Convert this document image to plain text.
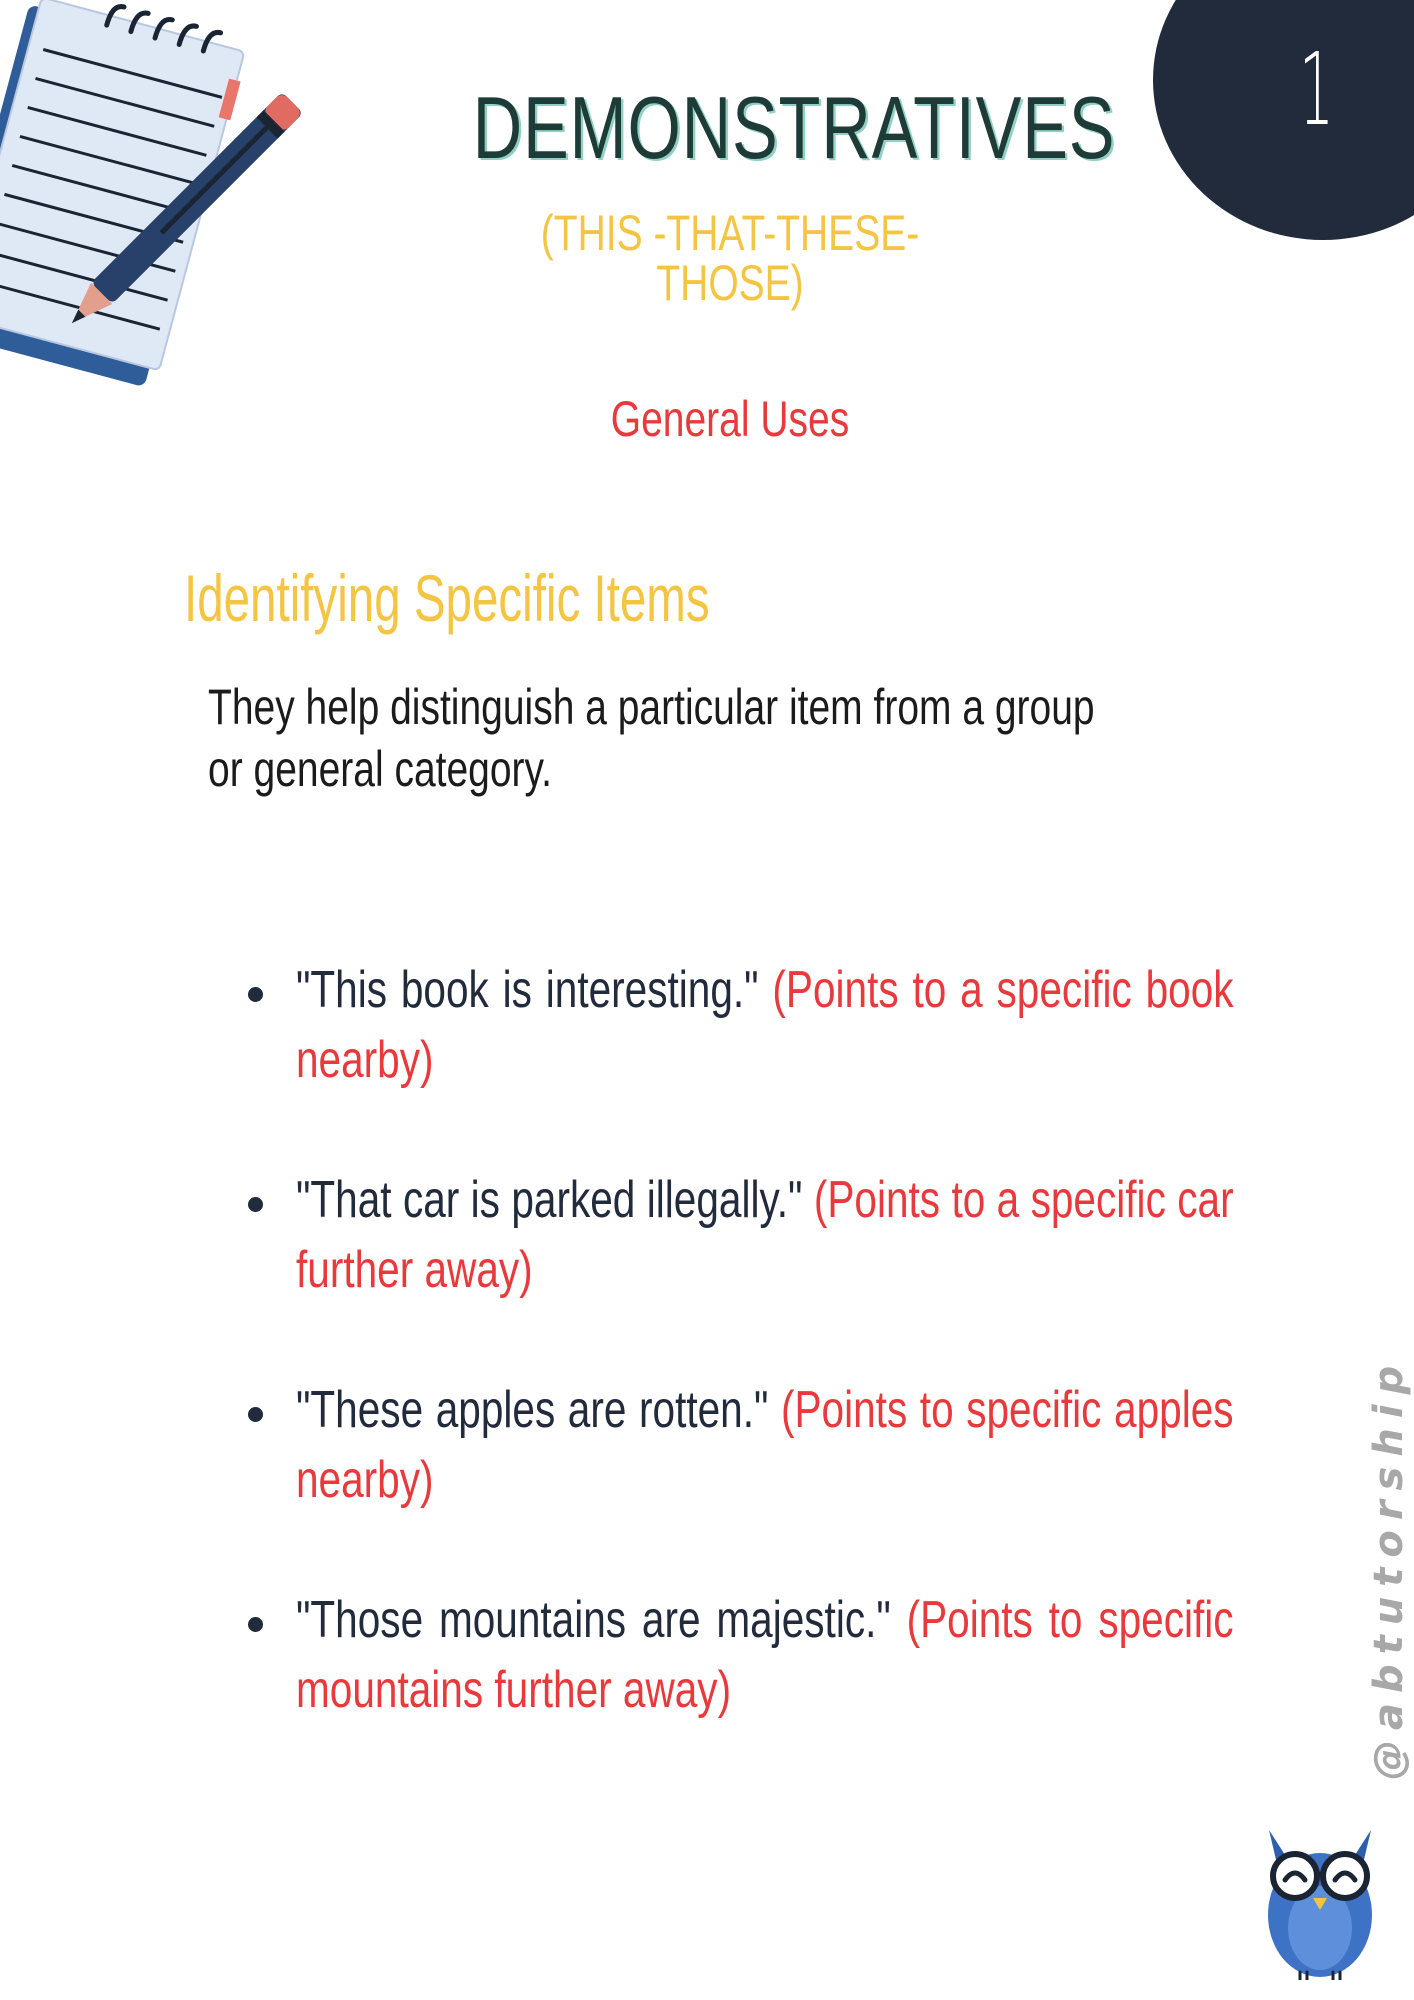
1
DEMONSTRATIVES
(THIS -THAT-THESE-THOSE)
General Uses
Identifying Specific Items
They help distinguish a particular item from a group or general category.
"This book is interesting." (Points to a specific book nearby)
"That car is parked illegally." (Points to a specific car further away)
"These apples are rotten." (Points to specific apples nearby)
"Those mountains are majestic." (Points to specific mountains further away)	@abtutorship
